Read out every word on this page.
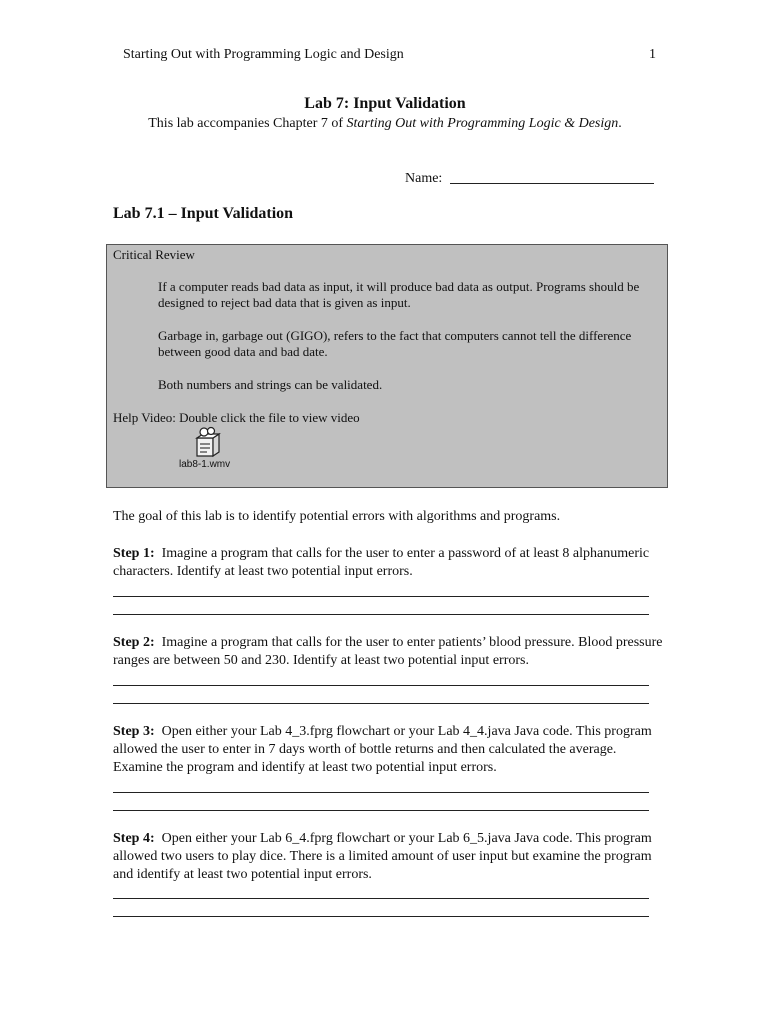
Starting Out with Programming Logic and Design	1
Lab 7: Input Validation
This lab accompanies Chapter 7 of Starting Out with Programming Logic & Design.
Name:
Lab 7.1 – Input Validation
Critical Review
If a computer reads bad data as input, it will produce bad data as output. Programs should be designed to reject bad data that is given as input.
Garbage in, garbage out (GIGO), refers to the fact that computers cannot tell the difference between good data and bad date.
Both numbers and strings can be validated.
Help Video: Double click the file to view video
lab8-1.wmv
The goal of this lab is to identify potential errors with algorithms and programs.
Step 1: Imagine a program that calls for the user to enter a password of at least 8 alphanumeric characters. Identify at least two potential input errors.
Step 2: Imagine a program that calls for the user to enter patients’ blood pressure. Blood pressure ranges are between 50 and 230. Identify at least two potential input errors.
Step 3: Open either your Lab 4_3.fprg flowchart or your Lab 4_4.java Java code. This program allowed the user to enter in 7 days worth of bottle returns and then calculated the average. Examine the program and identify at least two potential input errors.
Step 4: Open either your Lab 6_4.fprg flowchart or your Lab 6_5.java Java code. This program allowed two users to play dice. There is a limited amount of user input but examine the program and identify at least two potential input errors.
